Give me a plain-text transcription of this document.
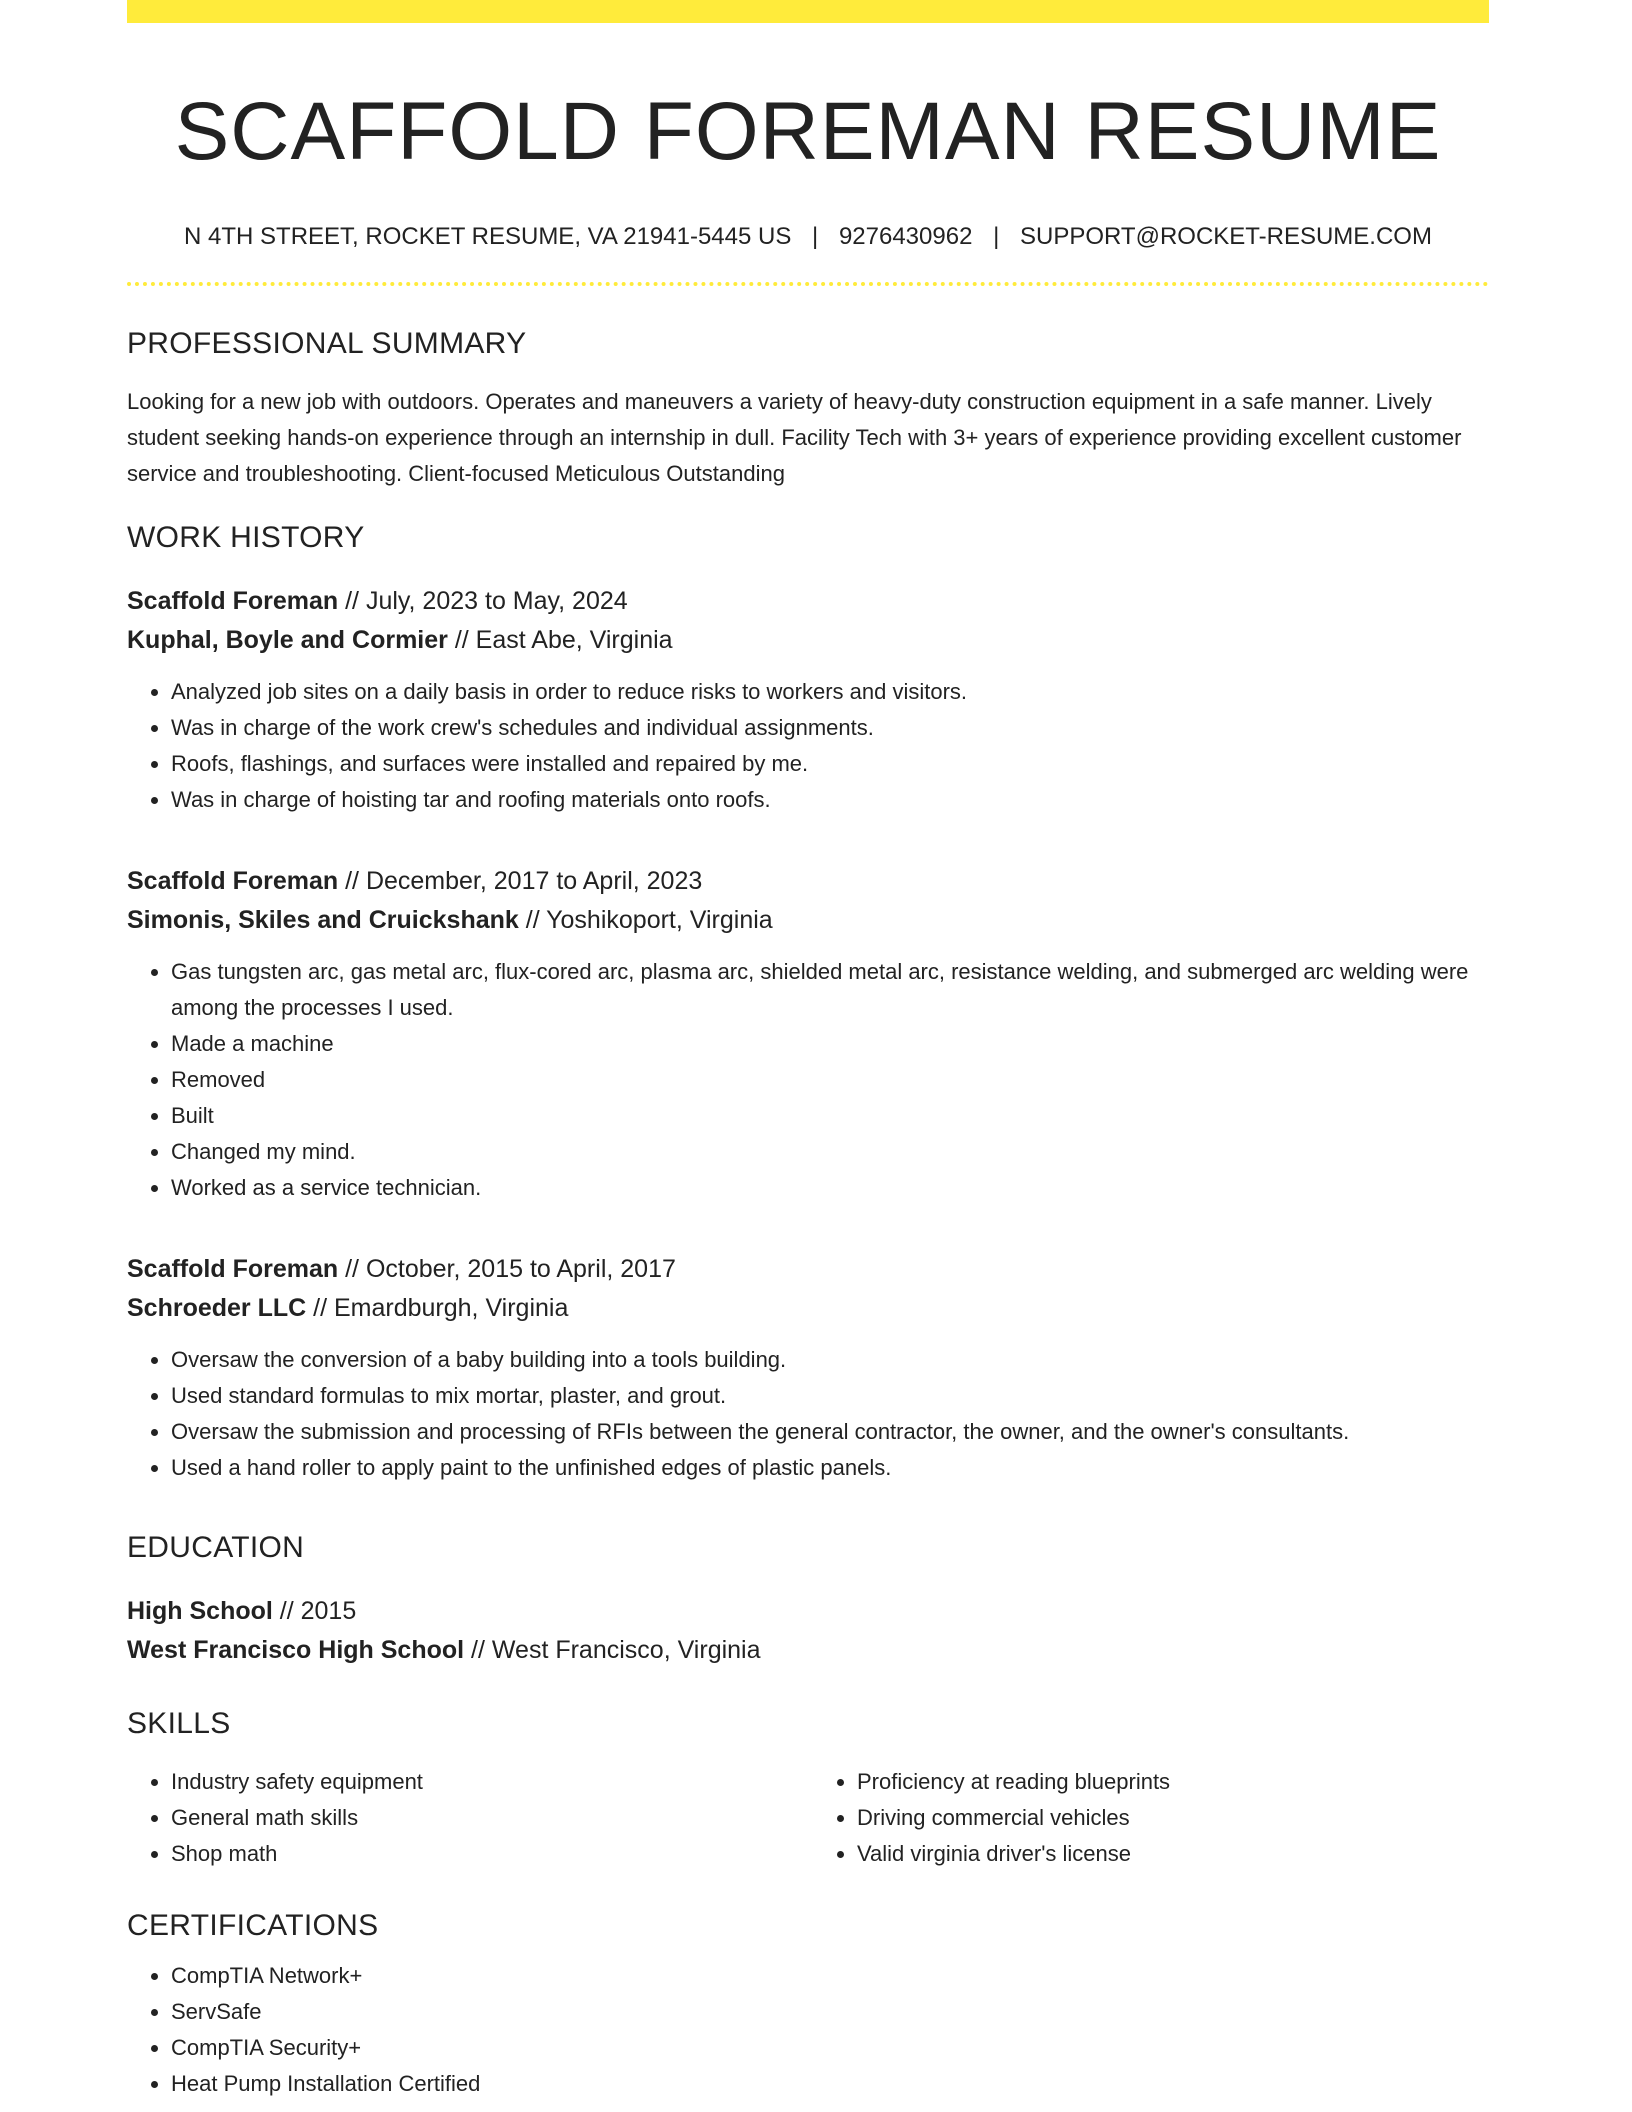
SCAFFOLD FOREMAN RESUME
N 4TH STREET, ROCKET RESUME, VA 21941-5445 US | 9276430962 | SUPPORT@ROCKET-RESUME.COM
PROFESSIONAL SUMMARY
Looking for a new job with outdoors. Operates and maneuvers a variety of heavy-duty construction equipment in a safe manner. Lively student seeking hands-on experience through an internship in dull. Facility Tech with 3+ years of experience providing excellent customer service and troubleshooting. Client-focused Meticulous Outstanding
WORK HISTORY
Scaffold Foreman // July, 2023 to May, 2024
Kuphal, Boyle and Cormier // East Abe, Virginia
• Analyzed job sites on a daily basis in order to reduce risks to workers and visitors.
• Was in charge of the work crew's schedules and individual assignments.
• Roofs, flashings, and surfaces were installed and repaired by me.
• Was in charge of hoisting tar and roofing materials onto roofs.
Scaffold Foreman // December, 2017 to April, 2023
Simonis, Skiles and Cruickshank // Yoshikoport, Virginia
• Gas tungsten arc, gas metal arc, flux-cored arc, plasma arc, shielded metal arc, resistance welding, and submerged arc welding were among the processes I used.
• Made a machine
• Removed
• Built
• Changed my mind.
• Worked as a service technician.
Scaffold Foreman // October, 2015 to April, 2017
Schroeder LLC // Emardburgh, Virginia
• Oversaw the conversion of a baby building into a tools building.
• Used standard formulas to mix mortar, plaster, and grout.
• Oversaw the submission and processing of RFIs between the general contractor, the owner, and the owner's consultants.
• Used a hand roller to apply paint to the unfinished edges of plastic panels.
EDUCATION
High School // 2015
West Francisco High School // West Francisco, Virginia
SKILLS
• Industry safety equipment
• General math skills
• Shop math
• Proficiency at reading blueprints
• Driving commercial vehicles
• Valid virginia driver's license
CERTIFICATIONS
• CompTIA Network+
• ServSafe
• CompTIA Security+
• Heat Pump Installation Certified
